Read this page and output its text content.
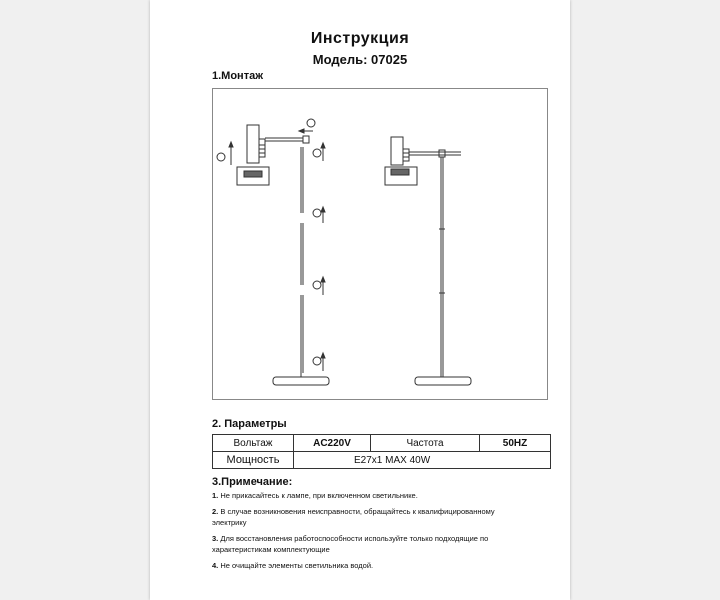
Инструкция
Модель: 07025
1.Монтаж
2. Параметры
Вольтаж	AC220V	Частота	50HZ
Мощность	E27x1 MAX 40W		
3.Примечание:
1. Не прикасайтесь к лампе, при включенном светильнике.
2. В случае возникновения неисправности, обращайтесь к квалифицированному электрику
3. Для восстановления работоспособности используйте только подходящие по характеристикам комплектующие
4. Не очищайте элементы светильника водой.
